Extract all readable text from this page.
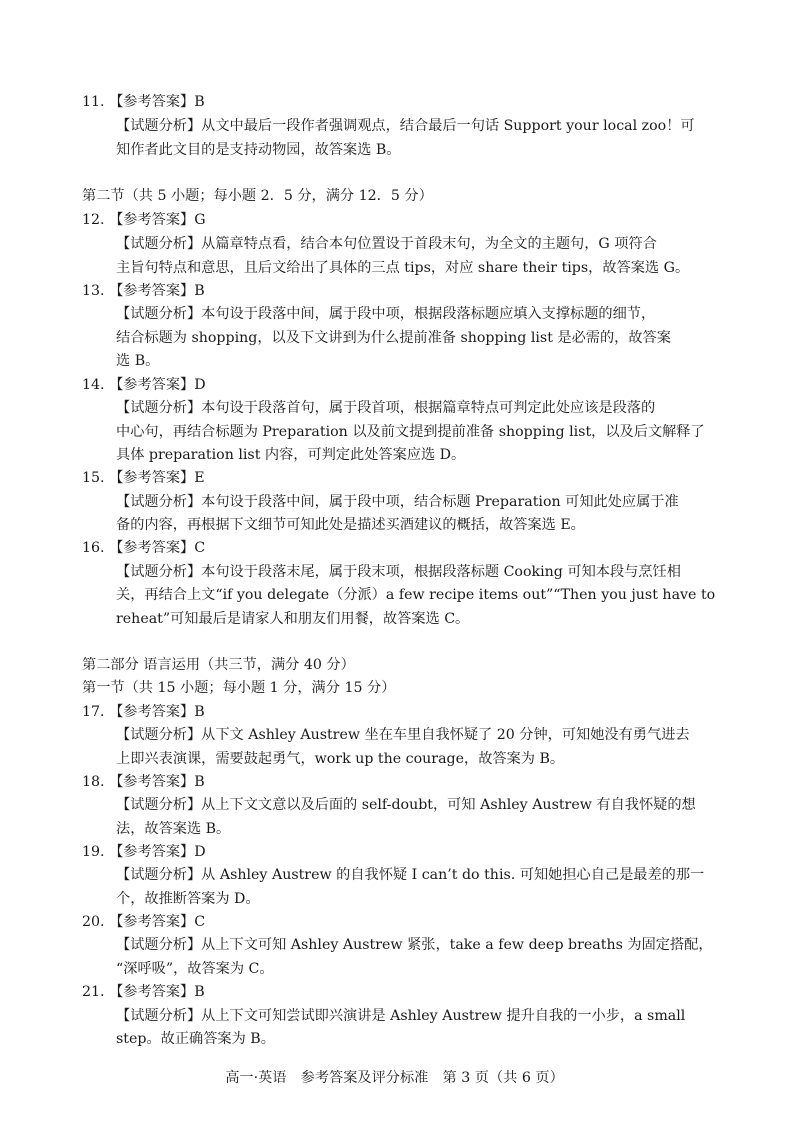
11. 【参考答案】B
【试题分析】从文中最后一段作者强调观点，结合最后一句话 Support your local zoo！可
知作者此文目的是支持动物园，故答案选 B。
第二节（共 5 小题；每小题 2．5 分，满分 12．5 分）
12. 【参考答案】G
【试题分析】从篇章特点看，结合本句位置设于首段末句，为全文的主题句，G 项符合
主旨句特点和意思，且后文给出了具体的三点 tips，对应 share their tips，故答案选 G。
13. 【参考答案】B
【试题分析】本句设于段落中间，属于段中项，根据段落标题应填入支撑标题的细节，
结合标题为 shopping，以及下文讲到为什么提前准备 shopping list 是必需的，故答案
选 B。
14. 【参考答案】D
【试题分析】本句设于段落首句，属于段首项，根据篇章特点可判定此处应该是段落的
中心句，再结合标题为 Preparation 以及前文提到提前准备 shopping list，以及后文解释了
具体 preparation list 内容，可判定此处答案应选 D。
15. 【参考答案】E
【试题分析】本句设于段落中间，属于段中项，结合标题 Preparation 可知此处应属于准
备的内容，再根据下文细节可知此处是描述买酒建议的概括，故答案选 E。
16. 【参考答案】C
【试题分析】本句设于段落末尾，属于段末项，根据段落标题 Cooking 可知本段与烹饪相
关，再结合上文“if you delegate（分派）a few recipe items out”“Then you just have to
reheat”可知最后是请家人和朋友们用餐，故答案选 C。
第二部分 语言运用（共三节，满分 40 分）
第一节（共 15 小题；每小题 1 分，满分 15 分）
17. 【参考答案】B
【试题分析】从下文 Ashley Austrew 坐在车里自我怀疑了 20 分钟，可知她没有勇气进去
上即兴表演课，需要鼓起勇气，work up the courage，故答案为 B。
18. 【参考答案】B
【试题分析】从上下文文意以及后面的 self-doubt，可知 Ashley Austrew 有自我怀疑的想
法，故答案选 B。
19. 【参考答案】D
【试题分析】从 Ashley Austrew 的自我怀疑 I can’t do this. 可知她担心自己是最差的那一
个，故推断答案为 D。
20. 【参考答案】C
【试题分析】从上下文可知 Ashley Austrew 紧张，take a few deep breaths 为固定搭配，
“深呼吸”，故答案为 C。
21. 【参考答案】B
【试题分析】从上下文可知尝试即兴演讲是 Ashley Austrew 提升自我的一小步，a small
step。故正确答案为 B。
高一·英语　参考答案及评分标准　第 3 页（共 6 页）
